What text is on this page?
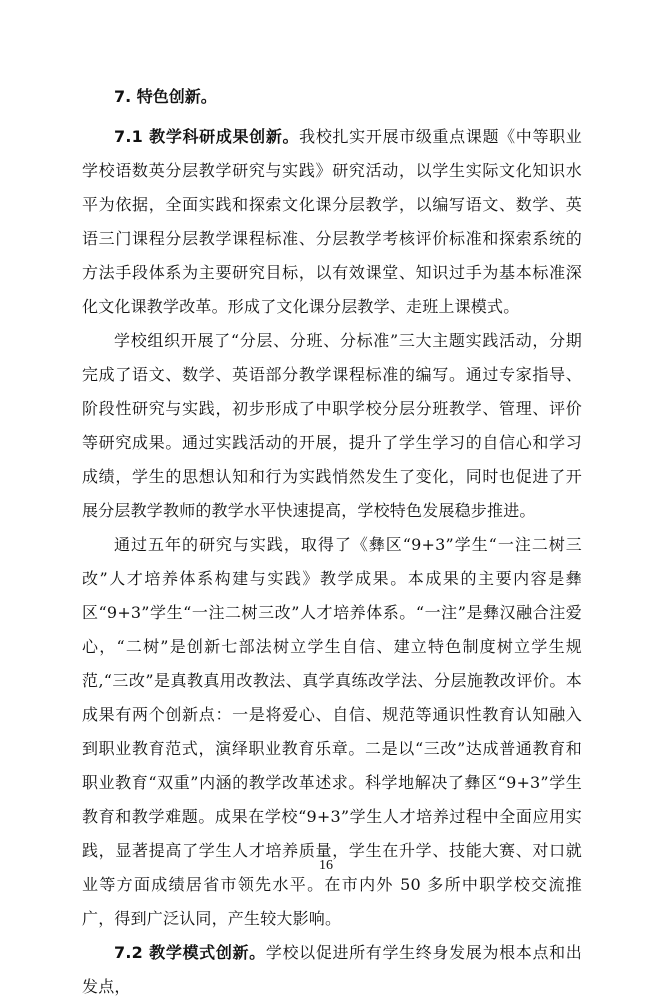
7. 特色创新。

7.1 教学科研成果创新。我校扎实开展市级重点课题《中等职业学校语数英分层教学研究与实践》研究活动，以学生实际文化知识水平为依据，全面实践和探索文化课分层教学，以编写语文、数学、英语三门课程分层教学课程标准、分层教学考核评价标准和探索系统的方法手段体系为主要研究目标，以有效课堂、知识过手为基本标准深化文化课教学改革。形成了文化课分层教学、走班上课模式。

学校组织开展了“分层、分班、分标准”三大主题实践活动，分期完成了语文、数学、英语部分教学课程标准的编写。通过专家指导、阶段性研究与实践，初步形成了中职学校分层分班教学、管理、评价等研究成果。通过实践活动的开展，提升了学生学习的自信心和学习成绩，学生的思想认知和行为实践悄然发生了变化，同时也促进了开展分层教学教师的教学水平快速提高，学校特色发展稳步推进。

通过五年的研究与实践，取得了《彝区“9+3”学生“一注二树三改”人才培养体系构建与实践》教学成果。本成果的主要内容是彝区“9+3”学生“一注二树三改”人才培养体系。“一注”是彝汉融合注爱心，“二树”是创新七部法树立学生自信、建立特色制度树立学生规范,“三改”是真教真用改教法、真学真练改学法、分层施教改评价。本成果有两个创新点：一是将爱心、自信、规范等通识性教育认知融入到职业教育范式，演绎职业教育乐章。二是以“三改”达成普通教育和职业教育“双重”内涵的教学改革述求。科学地解决了彝区“9+3”学生教育和教学难题。成果在学校“9+3”学生人才培养过程中全面应用实践，显著提高了学生人才培养质量，学生在升学、技能大赛、对口就业等方面成绩居省市领先水平。在市内外 50 多所中职学校交流推广，得到广泛认同，产生较大影响。

7.2 教学模式创新。学校以促进所有学生终身发展为根本点和出发点，

16
